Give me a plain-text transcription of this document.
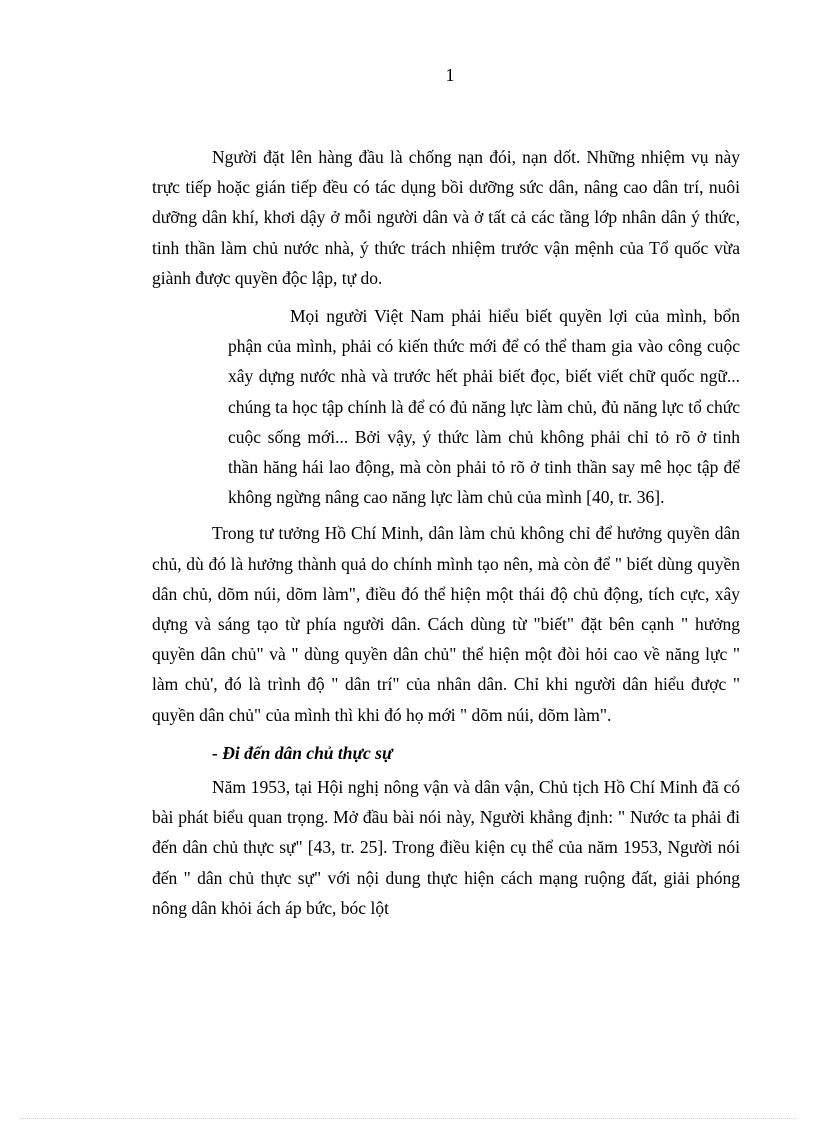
1

Người đặt lên hàng đầu là chống nạn đói, nạn dốt. Những nhiệm vụ này trực tiếp hoặc gián tiếp đều có tác dụng bồi dưỡng sức dân, nâng cao dân trí, nuôi dưỡng dân khí, khơi dậy ở mỗi người dân và ở tất cả các tầng lớp nhân dân ý thức, tinh thần làm chủ nước nhà, ý thức trách nhiệm trước vận mệnh của Tổ quốc vừa giành được quyền độc lập, tự do.

Mọi người Việt Nam phải hiểu biết quyền lợi của mình, bổn phận của mình, phải có kiến thức mới để có thể tham gia vào công cuộc xây dựng nước nhà và trước hết phải biết đọc, biết viết chữ quốc ngữ... chúng ta học tập chính là để có đủ năng lực làm chủ, đủ năng lực tổ chức cuộc sống mới... Bởi vậy, ý thức làm chủ không phải chỉ tỏ rõ ở tinh thần hăng hái lao động, mà còn phải tỏ rõ ở tinh thần say mê học tập để không ngừng nâng cao năng lực làm chủ của mình [40, tr. 36].

Trong tư tưởng Hồ Chí Minh, dân làm chủ không chỉ để hưởng quyền dân chủ, dù đó là hưởng thành quả do chính mình tạo nên, mà còn để " biết dùng quyền dân chủ, dõm núi, dõm làm", điều đó thể hiện một thái độ chủ động, tích cực, xây dựng và sáng tạo từ phía người dân. Cách dùng từ "biết" đặt bên cạnh " hưởng quyền dân chủ" và " dùng quyền dân chủ" thể hiện một đòi hỏi cao về năng lực " làm chủ', đó là trình độ " dân trí" của nhân dân. Chỉ khi người dân hiểu được " quyền dân chủ" của mình thì khi đó họ mới " dõm núi, dõm làm".

- Đi đến dân chủ thực sự

Năm 1953, tại Hội nghị nông vận và dân vận, Chủ tịch Hồ Chí Minh đã có bài phát biểu quan trọng. Mở đầu bài nói này, Người khẳng định: " Nước ta phải đi đến dân chủ thực sự" [43, tr. 25]. Trong điều kiện cụ thể của năm 1953, Người nói đến " dân chủ thực sự" với nội dung thực hiện cách mạng ruộng đất, giải phóng nông dân khỏi ách áp bức, bóc lột
